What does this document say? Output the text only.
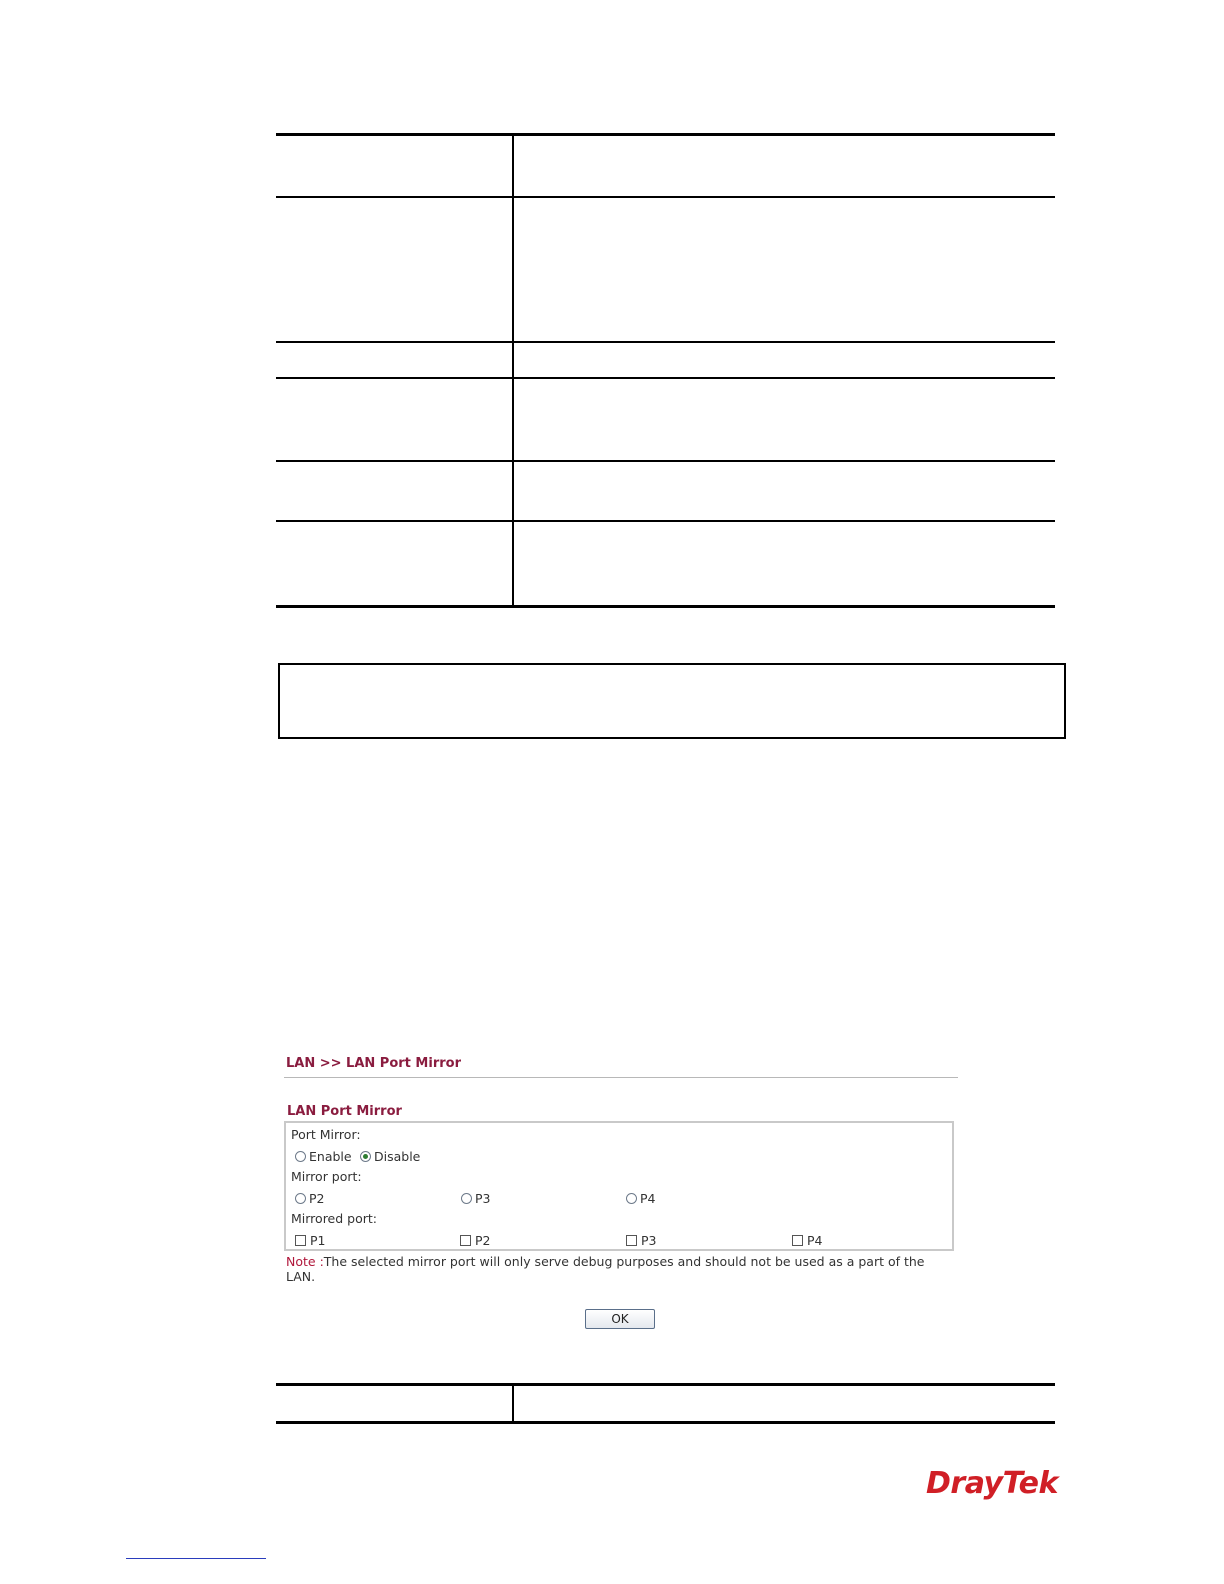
LAN >> LAN Port Mirror
LAN Port Mirror
Port Mirror:
Enable Disable
Mirror port:
P2	P3	P4
Mirrored port:
P1	P2	P3	P4
Note :The selected mirror port will only serve debug purposes and should not be used as a part of the LAN.
OK
DrayTek
